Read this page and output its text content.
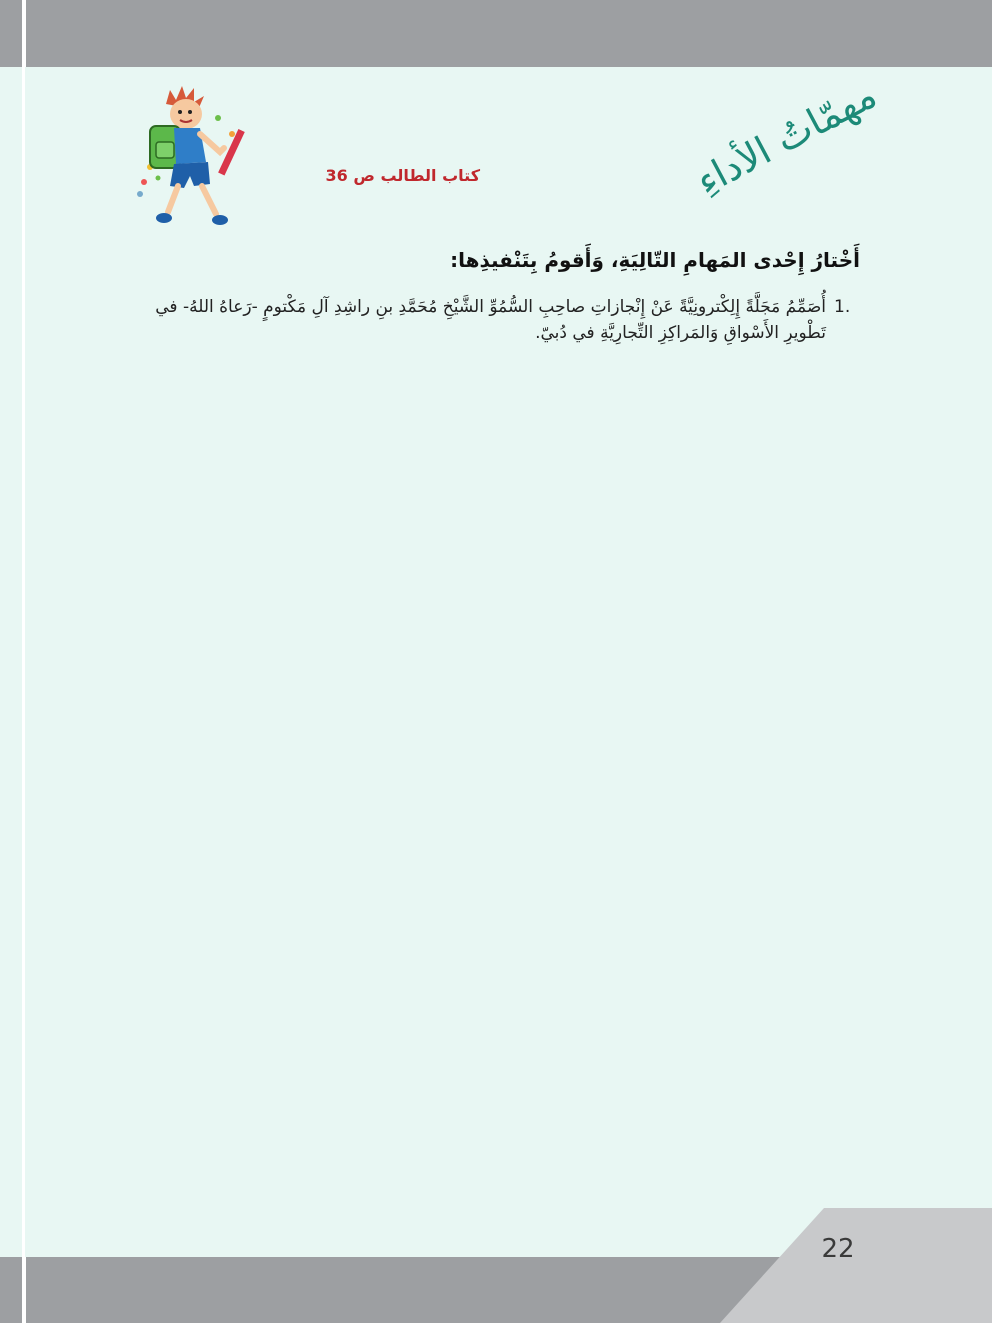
مهمّاتُ الأداءِ
كتاب الطالب ص 36
أَخْتارُ إِحْدى المَهامِ التّالِيَةِ، وَأَقومُ بِتَنْفيذِها:
1.
أُصَمِّمُ مَجَلَّةً إِلِكْترونِيَّةً عَنْ إِنْجازاتِ صاحِبِ السُّمُوِّ الشَّيْخِ مُحَمَّدِ بنِ راشِدِ آلِ مَكْتومٍ -رَعاهُ اللهُ- في تَطْويرِ الأَسْواقِ وَالمَراكِزِ التِّجارِيَّةِ في دُبيّ.
22
